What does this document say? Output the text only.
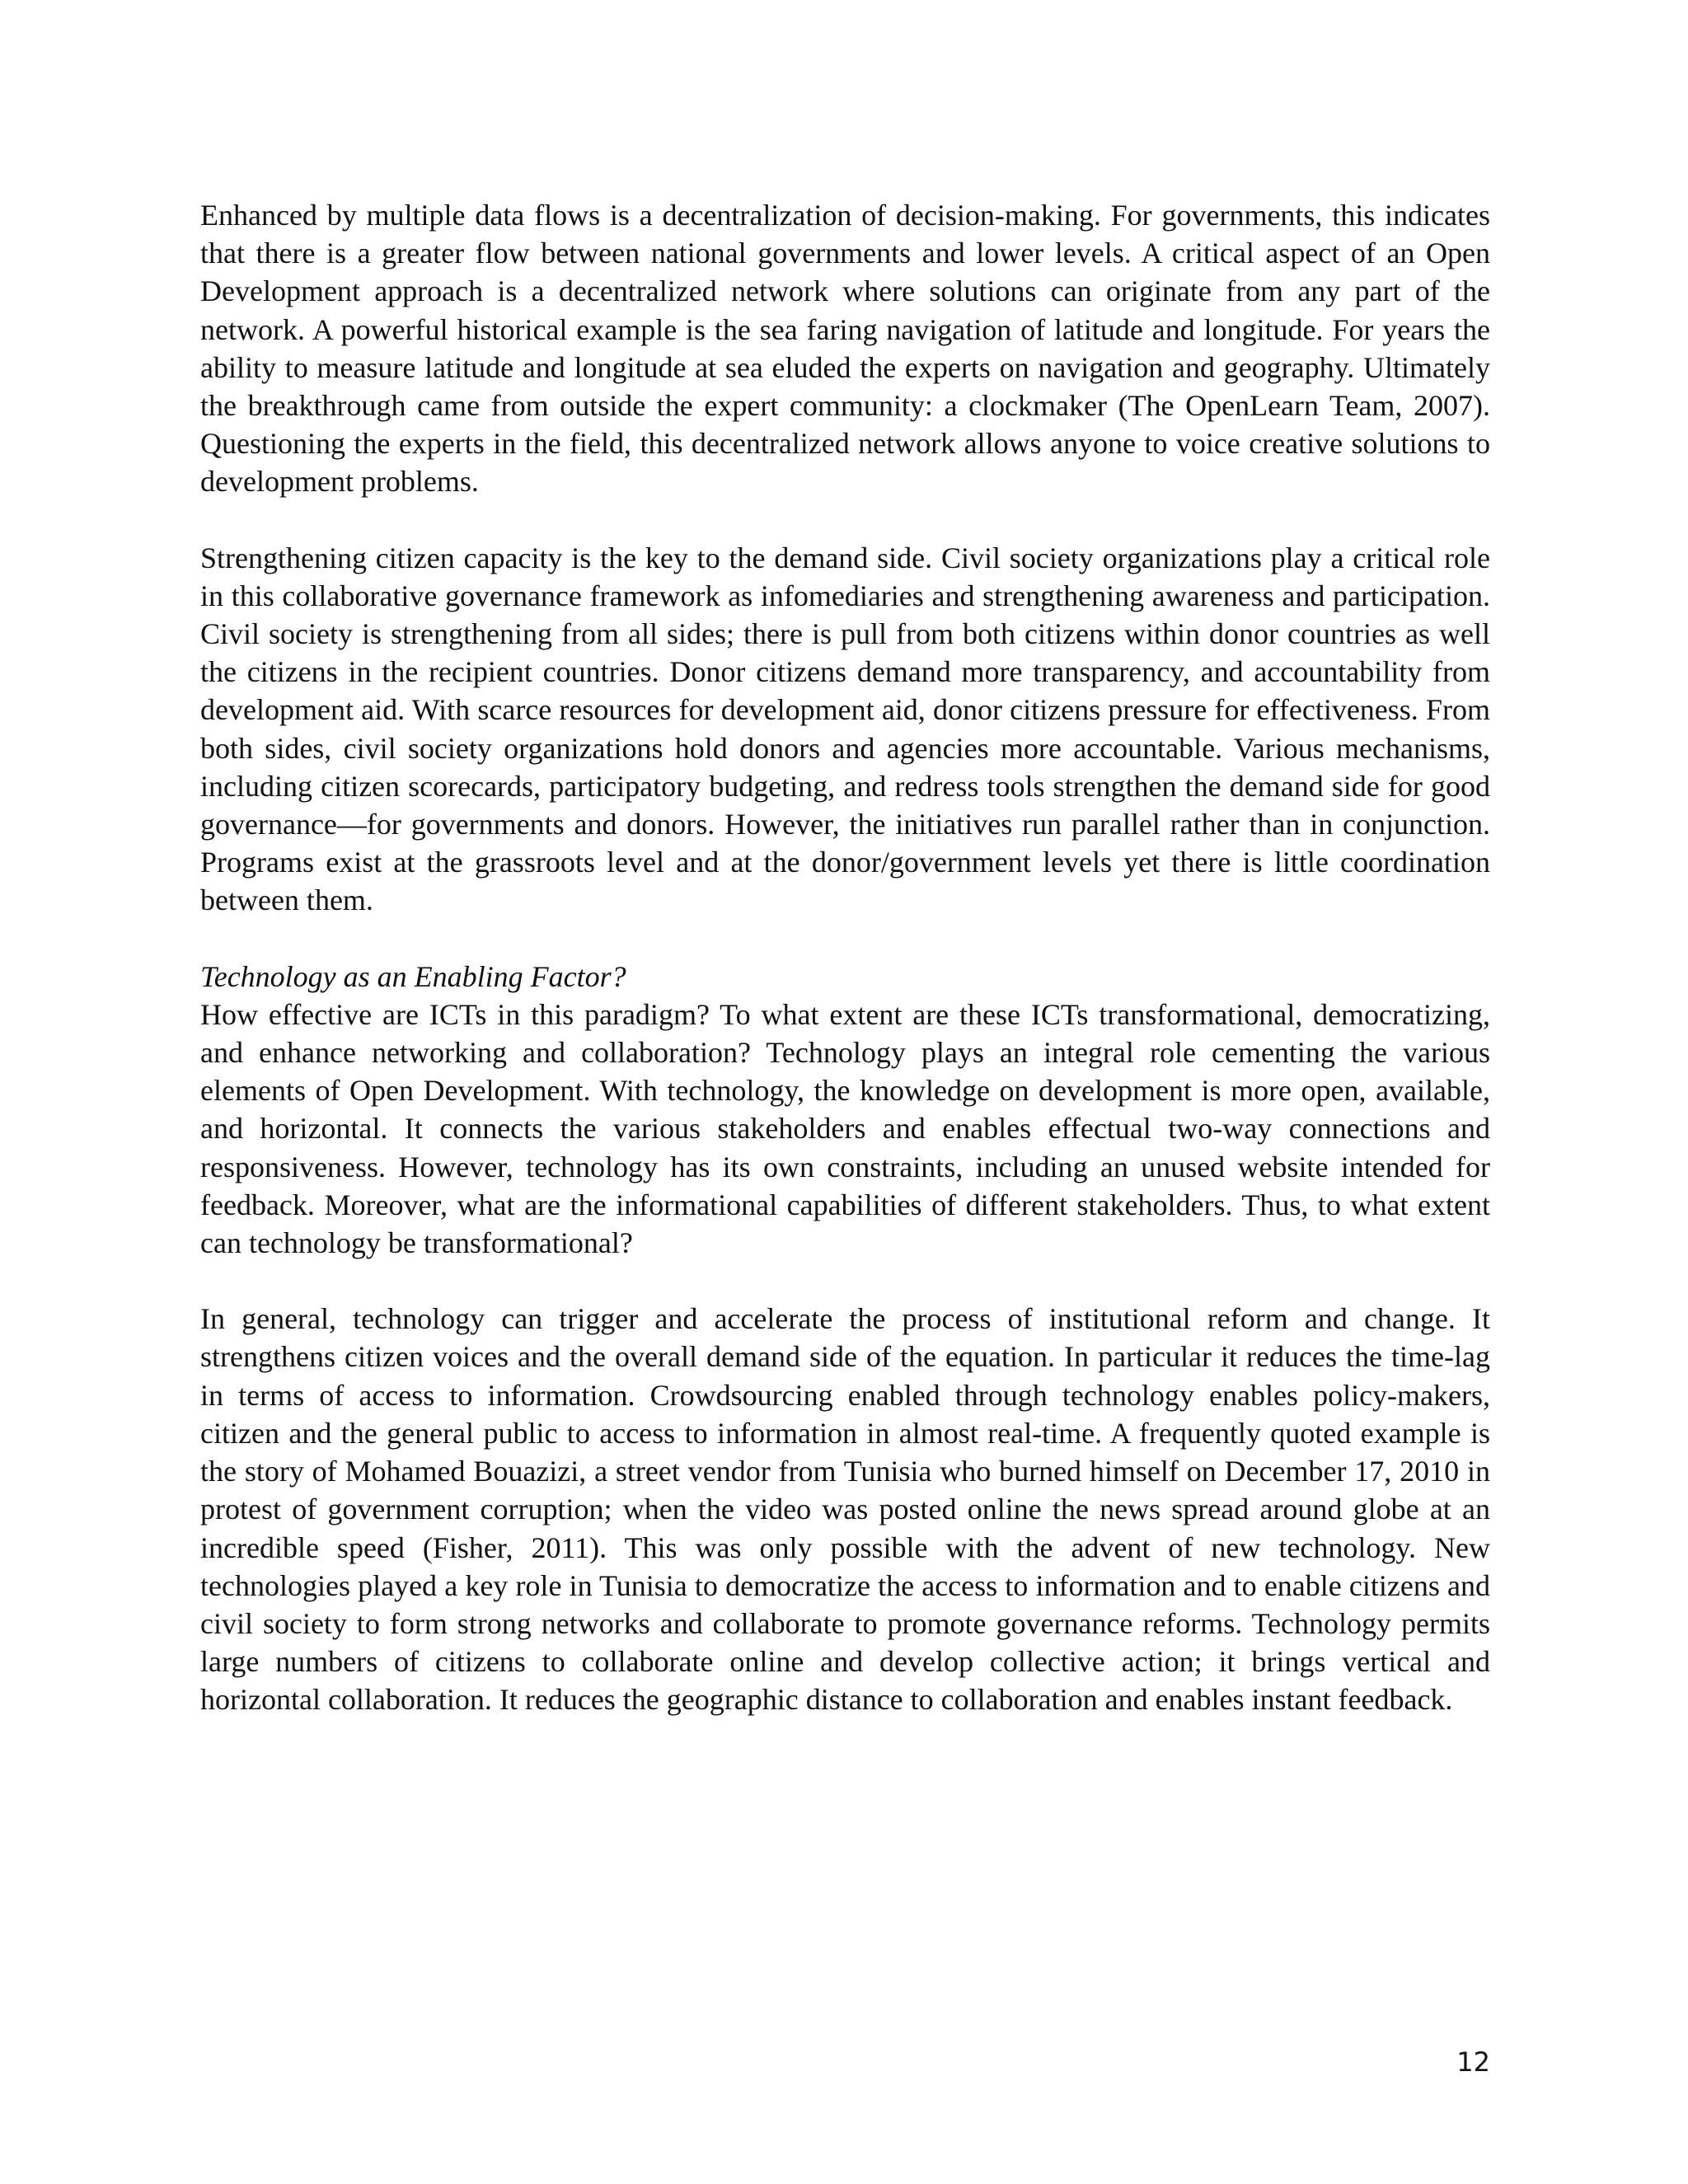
Enhanced by multiple data flows is a decentralization of decision-making. For governments, this indicates that there is a greater flow between national governments and lower levels. A critical aspect of an Open Development approach is a decentralized network where solutions can originate from any part of the network. A powerful historical example is the sea faring navigation of latitude and longitude. For years the ability to measure latitude and longitude at sea eluded the experts on navigation and geography. Ultimately the breakthrough came from outside the expert community: a clockmaker (The OpenLearn Team, 2007). Questioning the experts in the field, this decentralized network allows anyone to voice creative solutions to development problems.

Strengthening citizen capacity is the key to the demand side. Civil society organizations play a critical role in this collaborative governance framework as infomediaries and strengthening awareness and participation. Civil society is strengthening from all sides; there is pull from both citizens within donor countries as well the citizens in the recipient countries. Donor citizens demand more transparency, and accountability from development aid. With scarce resources for development aid, donor citizens pressure for effectiveness. From both sides, civil society organizations hold donors and agencies more accountable. Various mechanisms, including citizen scorecards, participatory budgeting, and redress tools strengthen the demand side for good governance—for governments and donors. However, the initiatives run parallel rather than in conjunction. Programs exist at the grassroots level and at the donor/government levels yet there is little coordination between them.

Technology as an Enabling Factor?

How effective are ICTs in this paradigm? To what extent are these ICTs transformational, democratizing, and enhance networking and collaboration? Technology plays an integral role cementing the various elements of Open Development. With technology, the knowledge on development is more open, available, and horizontal. It connects the various stakeholders and enables effectual two-way connections and responsiveness. However, technology has its own constraints, including an unused website intended for feedback. Moreover, what are the informational capabilities of different stakeholders. Thus, to what extent can technology be transformational?

In general, technology can trigger and accelerate the process of institutional reform and change. It strengthens citizen voices and the overall demand side of the equation. In particular it reduces the time-lag in terms of access to information. Crowdsourcing enabled through technology enables policy-makers, citizen and the general public to access to information in almost real-time. A frequently quoted example is the story of Mohamed Bouazizi, a street vendor from Tunisia who burned himself on December 17, 2010 in protest of government corruption; when the video was posted online the news spread around globe at an incredible speed (Fisher, 2011). This was only possible with the advent of new technology. New technologies played a key role in Tunisia to democratize the access to information and to enable citizens and civil society to form strong networks and collaborate to promote governance reforms. Technology permits large numbers of citizens to collaborate online and develop collective action; it brings vertical and horizontal collaboration. It reduces the geographic distance to collaboration and enables instant feedback.

12
